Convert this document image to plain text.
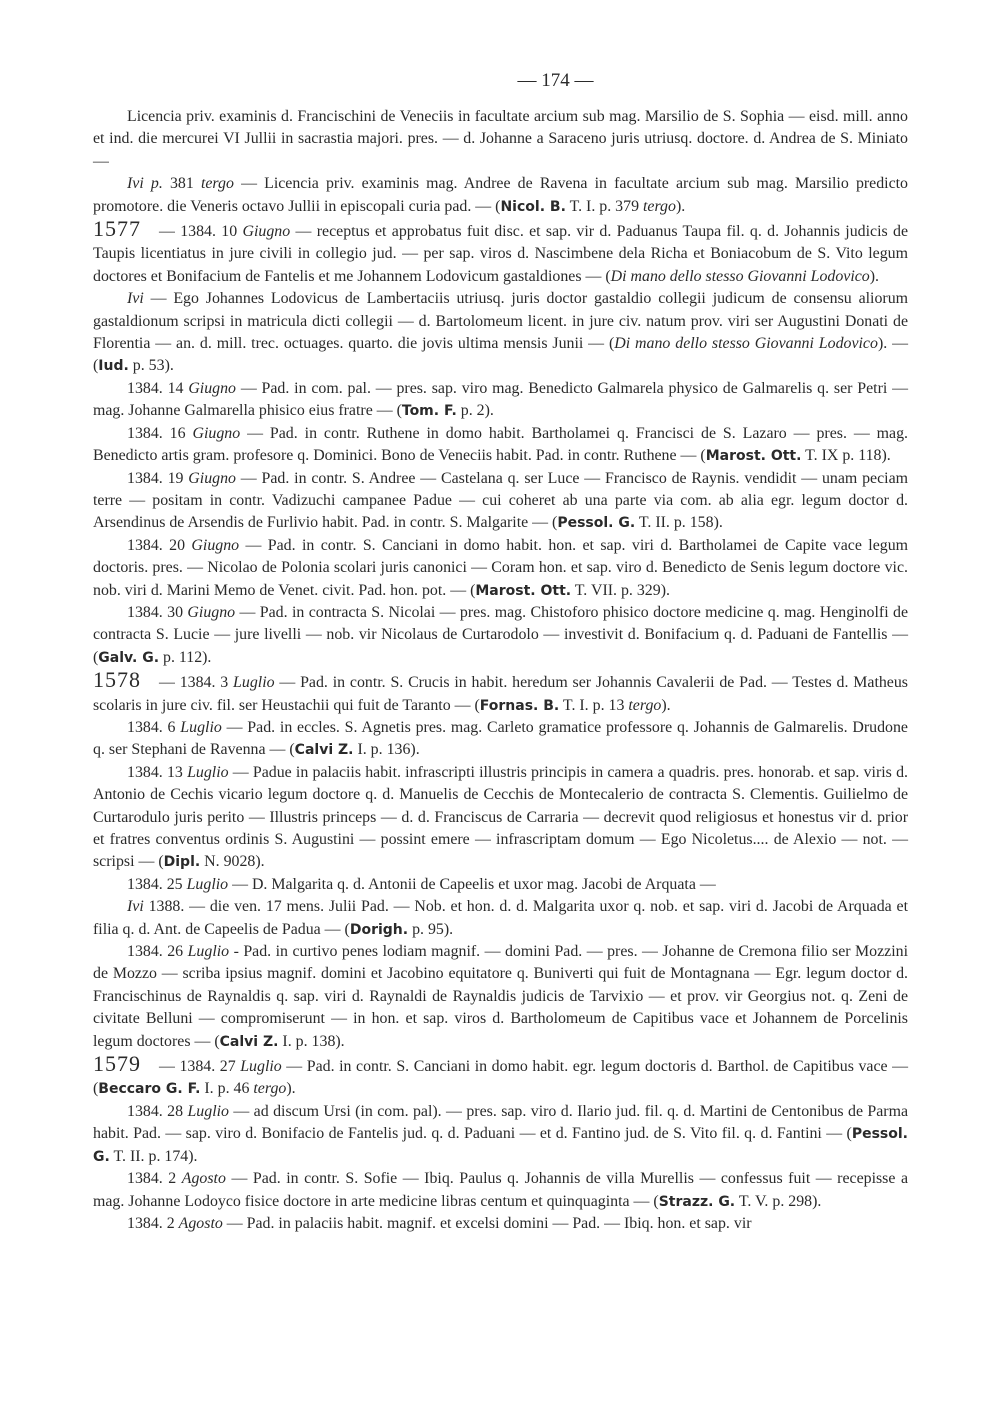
— 174 —

Licencia priv. examinis d. Francischini de Veneciis in facultate arcium sub mag. Marsilio de S. Sophia — eisd. mill. anno et ind. die mercurei VI Jullii in sacrastia majori. pres. — d. Johanne a Saraceno juris utriusq. doctore. d. Andrea de S. Miniato —

Ivi p. 381 tergo — Licencia priv. examinis mag. Andree de Ravena in facultate arcium sub mag. Marsilio predicto promotore. die Veneris octavo Jullii in episcopali curia pad. — (Nicol. B. T. I. p. 379 tergo).

1577 — 1384. 10 Giugno — receptus et approbatus fuit disc. et sap. vir d. Paduanus Taupa fil. q. d. Johannis judicis de Taupis licentiatus in jure civili in collegio jud. — per sap. viros d. Nascimbene dela Richa et Boniacobum de S. Vito legum doctores et Bonifacium de Fantelis et me Johannem Lodovicum gastaldiones — (Di mano dello stesso Giovanni Lodovico).

Ivi — Ego Johannes Lodovicus de Lambertaciis utriusq. juris doctor gastaldio collegii judicum de consensu aliorum gastaldionum scripsi in matricula dicti collegii — d. Bartolomeum licent. in jure civ. natum prov. viri ser Augustini Donati de Florentia — an. d. mill. trec. octuages. quarto. die jovis ultima mensis Junii — (Di mano dello stesso Giovanni Lodovico). — (Iud. p. 53).

1384. 14 Giugno — Pad. in com. pal. — pres. sap. viro mag. Benedicto Galmarela physico de Galmarelis q. ser Petri — mag. Johanne Galmarella phisico eius fratre — (Tom. F. p. 2).

1384. 16 Giugno — Pad. in contr. Ruthene in domo habit. Bartholamei q. Francisci de S. Lazaro — pres. — mag. Benedicto artis gram. profesore q. Dominici. Bono de Veneciis habit. Pad. in contr. Ruthene — (Marost. Ott. T. IX p. 118).

1384. 19 Giugno — Pad. in contr. S. Andree — Castelana q. ser Luce — Francisco de Raynis. vendidit — unam peciam terre — positam in contr. Vadizuchi campanee Padue — cui coheret ab una parte via com. ab alia egr. legum doctor d. Arsendinus de Arsendis de Furlivio habit. Pad. in contr. S. Malgarite — (Pessol. G. T. II. p. 158).

1384. 20 Giugno — Pad. in contr. S. Canciani in domo habit. hon. et sap. viri d. Bartholamei de Capite vace legum doctoris. pres. — Nicolao de Polonia scolari juris canonici — Coram hon. et sap. viro d. Benedicto de Senis legum doctore vic. nob. viri d. Marini Memo de Venet. civit. Pad. hon. pot. — (Marost. Ott. T. VII. p. 329).

1384. 30 Giugno — Pad. in contracta S. Nicolai — pres. mag. Chistoforo phisico doctore medicine q. mag. Henginolfi de contracta S. Lucie — jure livelli — nob. vir Nicolaus de Curtarodolo — investivit d. Bonifacium q. d. Paduani de Fantellis — (Galv. G. p. 112).

1578 — 1384. 3 Luglio — Pad. in contr. S. Crucis in habit. heredum ser Johannis Cavalerii de Pad. — Testes d. Matheus scolaris in jure civ. fil. ser Heustachii qui fuit de Taranto — (Fornas. B. T. I. p. 13 tergo).

1384. 6 Luglio — Pad. in eccles. S. Agnetis pres. mag. Carleto gramatice professore q. Johannis de Galmarelis. Drudone q. ser Stephani de Ravenna — (Calvi Z. I. p. 136).

1384. 13 Luglio — Padue in palaciis habit. infrascripti illustris principis in camera a quadris. pres. honorab. et sap. viris d. Antonio de Cechis vicario legum doctore q. d. Manuelis de Cecchis de Montecalerio de contracta S. Clementis. Guilielmo de Curtarodulo juris perito — Illustris princeps — d. d. Franciscus de Carraria — decrevit quod religiosus et honestus vir d. prior et fratres conventus ordinis S. Augustini — possint emere — infrascriptam domum — Ego Nicoletus.... de Alexio — not. — scripsi — (Dipl. N. 9028).

1384. 25 Luglio — D. Malgarita q. d. Antonii de Capeelis et uxor mag. Jacobi de Arquata —

Ivi 1388. — die ven. 17 mens. Julii Pad. — Nob. et hon. d. d. Malgarita uxor q. nob. et sap. viri d. Jacobi de Arquada et filia q. d. Ant. de Capeelis de Padua — (Dorigh. p. 95).

1384. 26 Luglio - Pad. in curtivo penes lodiam magnif. — domini Pad. — pres. — Johanne de Cremona filio ser Mozzini de Mozzo — scriba ipsius magnif. domini et Jacobino equitatore q. Buniverti qui fuit de Montagnana — Egr. legum doctor d. Francischinus de Raynaldis q. sap. viri d. Raynaldi de Raynaldis judicis de Tarvixio — et prov. vir Georgius not. q. Zeni de civitate Belluni — compromiserunt — in hon. et sap. viros d. Bartholomeum de Capitibus vace et Johannem de Porcelinis legum doctores — (Calvi Z. I. p. 138).

1579 — 1384. 27 Luglio — Pad. in contr. S. Canciani in domo habit. egr. legum doctoris d. Barthol. de Capitibus vace — (Beccaro G. F. I. p. 46 tergo).

1384. 28 Luglio — ad discum Ursi (in com. pal). — pres. sap. viro d. Ilario jud. fil. q. d. Martini de Centonibus de Parma habit. Pad. — sap. viro d. Bonifacio de Fantelis jud. q. d. Paduani — et d. Fantino jud. de S. Vito fil. q. d. Fantini — (Pessol. G. T. II. p. 174).

1384. 2 Agosto — Pad. in contr. S. Sofie — Ibiq. Paulus q. Johannis de villa Murellis — confessus fuit — recepisse a mag. Johanne Lodoyco fisice doctore in arte medicine libras centum et quinquaginta — (Strazz. G. T. V. p. 298).

1384. 2 Agosto — Pad. in palaciis habit. magnif. et excelsi domini — Pad. — Ibiq. hon. et sap. vir
